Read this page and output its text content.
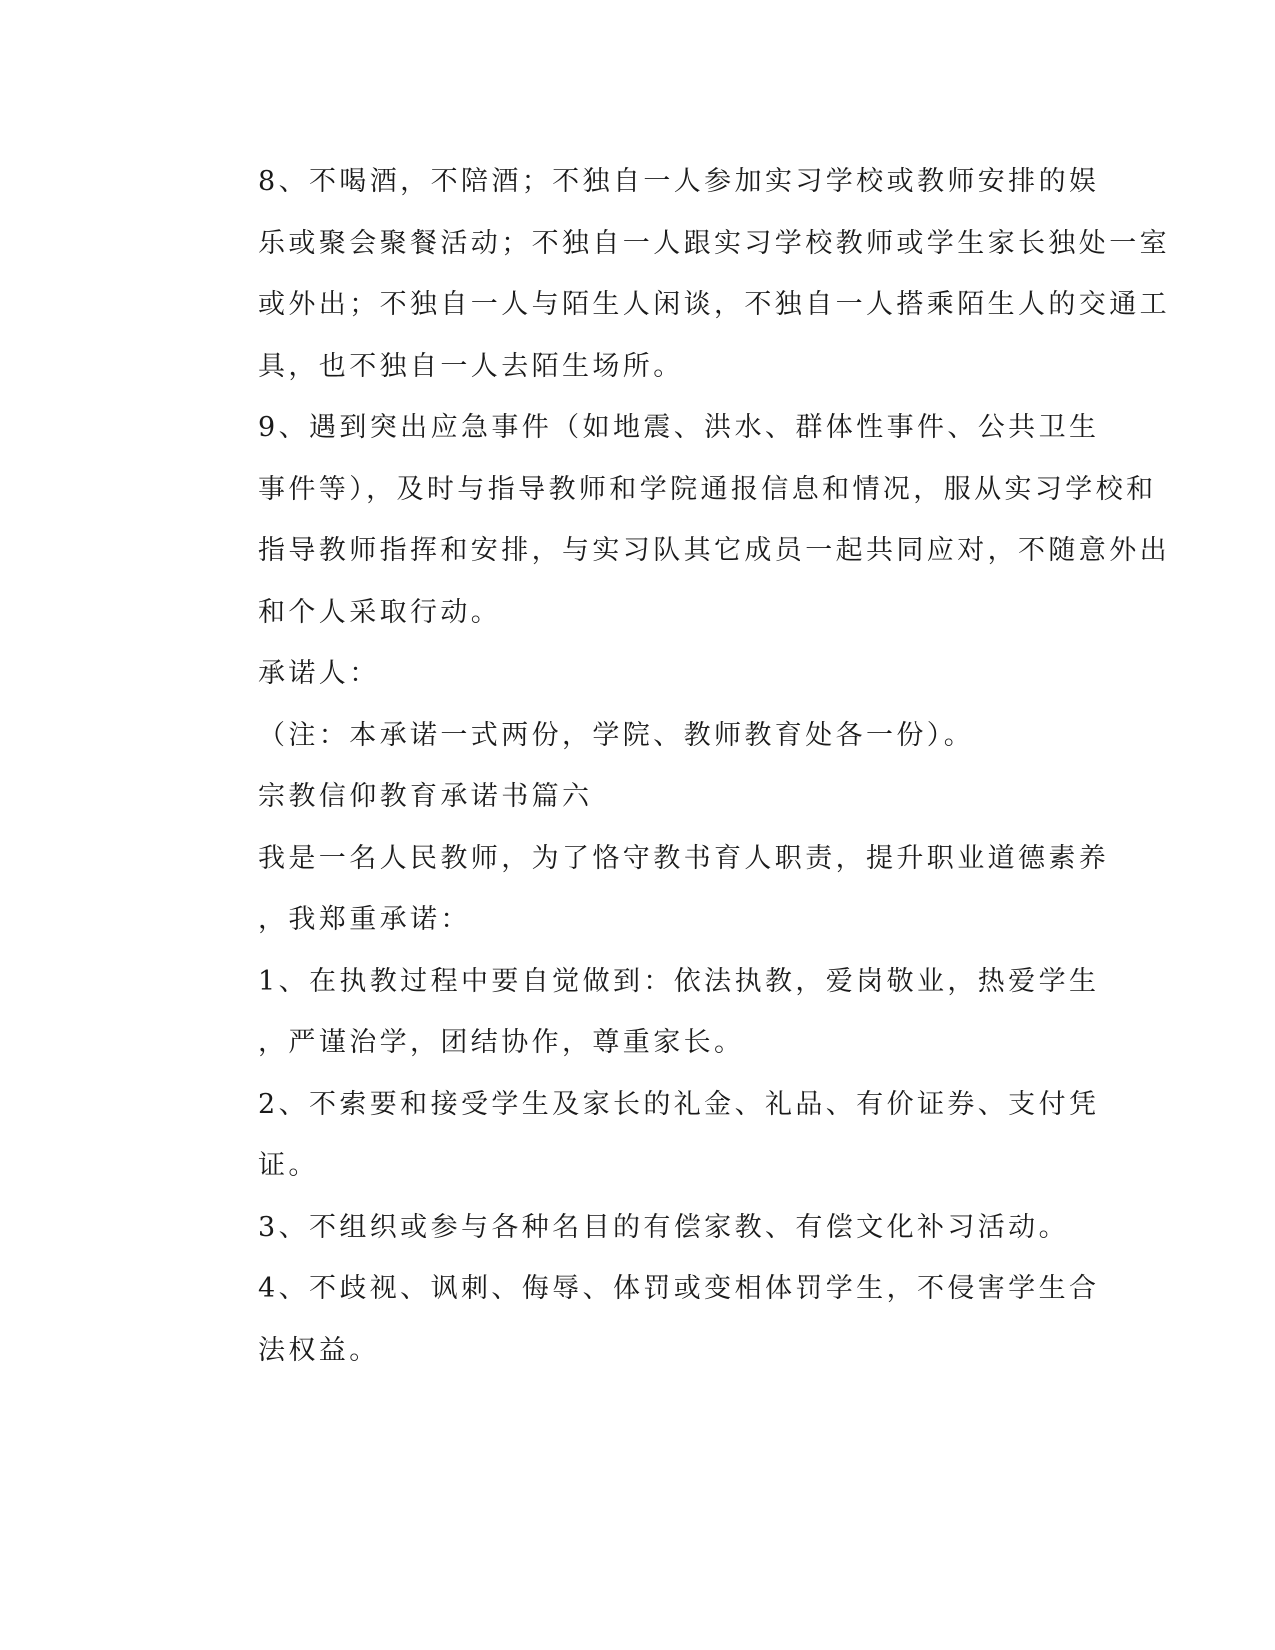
8、不喝酒，不陪酒；不独自一人参加实习学校或教师安排的娱
乐或聚会聚餐活动；不独自一人跟实习学校教师或学生家长独处一室
或外出；不独自一人与陌生人闲谈，不独自一人搭乘陌生人的交通工
具，也不独自一人去陌生场所。
9、遇到突出应急事件（如地震、洪水、群体性事件、公共卫生
事件等），及时与指导教师和学院通报信息和情况，服从实习学校和
指导教师指挥和安排，与实习队其它成员一起共同应对，不随意外出
和个人采取行动。
承诺人：
（注：本承诺一式两份，学院、教师教育处各一份）。
宗教信仰教育承诺书篇六
我是一名人民教师，为了恪守教书育人职责，提升职业道德素养
，我郑重承诺：
1、在执教过程中要自觉做到：依法执教，爱岗敬业，热爱学生
，严谨治学，团结协作，尊重家长。
2、不索要和接受学生及家长的礼金、礼品、有价证券、支付凭
证。
3、不组织或参与各种名目的有偿家教、有偿文化补习活动。
4、不歧视、讽刺、侮辱、体罚或变相体罚学生，不侵害学生合
法权益。
